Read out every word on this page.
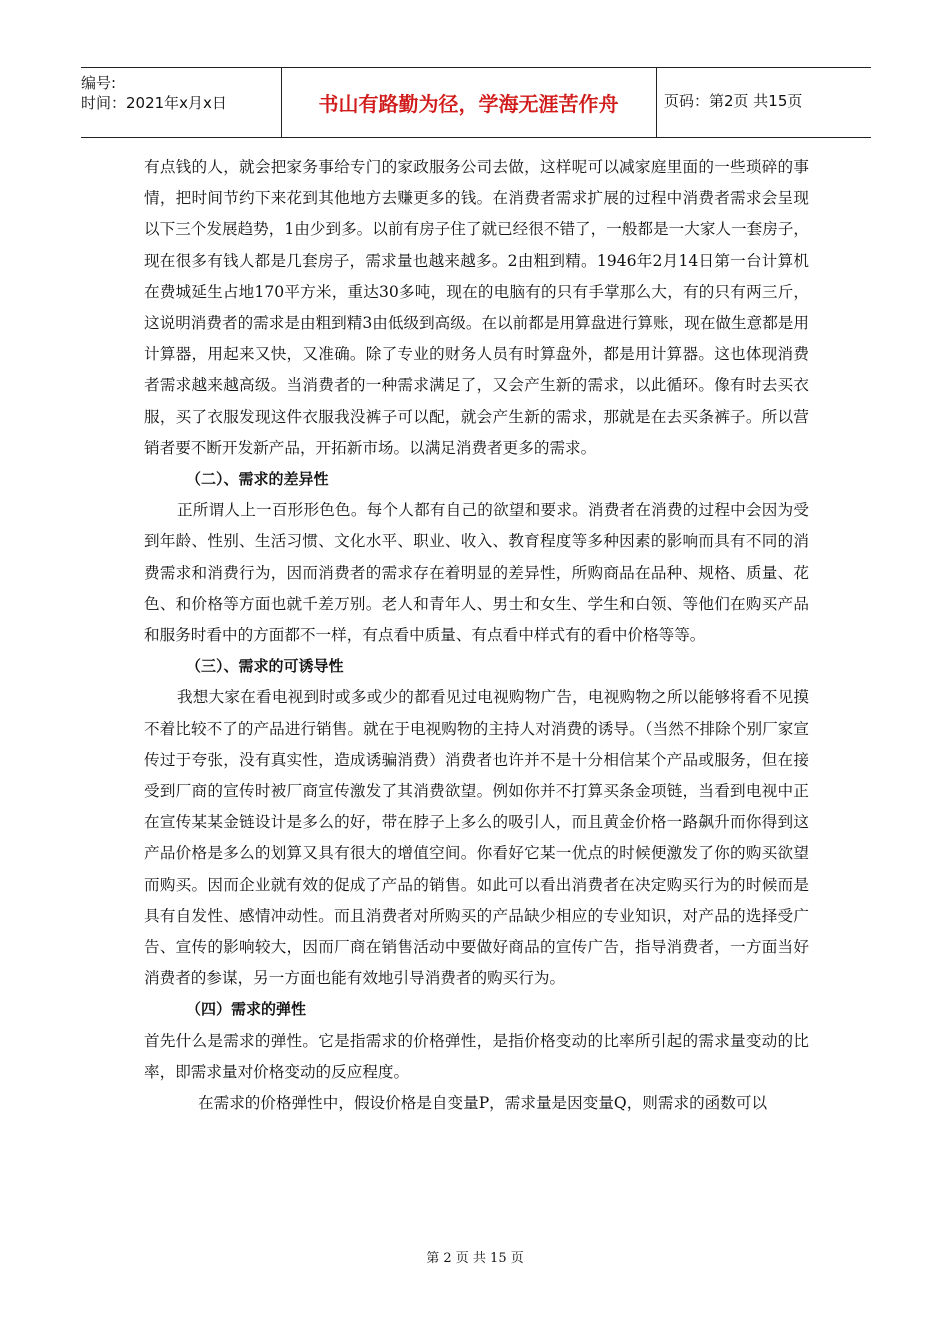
编号:
时间：2021年x月x日	书山有路勤为径，学海无涯苦作舟	页码：第2页 共15页

有点钱的人，就会把家务事给专门的家政服务公司去做，这样呢可以减家庭里面的一些琐碎的事情，把时间节约下来花到其他地方去赚更多的钱。在消费者需求扩展的过程中消费者需求会呈现以下三个发展趋势，1由少到多。以前有房子住了就已经很不错了，一般都是一大家人一套房子，现在很多有钱人都是几套房子，需求量也越来越多。2由粗到精。1946年2月14日第一台计算机在费城延生占地170平方米，重达30多吨，现在的电脑有的只有手掌那么大，有的只有两三斤，这说明消费者的需求是由粗到精3由低级到高级。在以前都是用算盘进行算账，现在做生意都是用计算器，用起来又快，又准确。除了专业的财务人员有时算盘外，都是用计算器。这也体现消费者需求越来越高级。当消费者的一种需求满足了，又会产生新的需求，以此循环。像有时去买衣服，买了衣服发现这件衣服我没裤子可以配，就会产生新的需求，那就是在去买条裤子。所以营销者要不断开发新产品，开拓新市场。以满足消费者更多的需求。

（二）、需求的差异性

正所谓人上一百形形色色。每个人都有自己的欲望和要求。消费者在消费的过程中会因为受到年龄、性别、生活习惯、文化水平、职业、收入、教育程度等多种因素的影响而具有不同的消费需求和消费行为，因而消费者的需求存在着明显的差异性，所购商品在品种、规格、质量、花色、和价格等方面也就千差万别。老人和青年人、男士和女生、学生和白领、等他们在购买产品和服务时看中的方面都不一样，有点看中质量、有点看中样式有的看中价格等等。

（三）、需求的可诱导性

我想大家在看电视到时或多或少的都看见过电视购物广告，电视购物之所以能够将看不见摸不着比较不了的产品进行销售。就在于电视购物的主持人对消费的诱导。（当然不排除个别厂家宣传过于夸张，没有真实性，造成诱骗消费）消费者也许并不是十分相信某个产品或服务，但在接受到厂商的宣传时被厂商宣传激发了其消费欲望。例如你并不打算买条金项链，当看到电视中正在宣传某某金链设计是多么的好，带在脖子上多么的吸引人，而且黄金价格一路飙升而你得到这产品价格是多么的划算又具有很大的增值空间。你看好它某一优点的时候便激发了你的购买欲望而购买。因而企业就有效的促成了产品的销售。如此可以看出消费者在决定购买行为的时候而是具有自发性、感情冲动性。而且消费者对所购买的产品缺少相应的专业知识，对产品的选择受广告、宣传的影响较大，因而厂商在销售活动中要做好商品的宣传广告，指导消费者，一方面当好消费者的参谋，另一方面也能有效地引导消费者的购买行为。

（四）需求的弹性

首先什么是需求的弹性。它是指需求的价格弹性，是指价格变动的比率所引起的需求量变动的比率，即需求量对价格变动的反应程度。

在需求的价格弹性中，假设价格是自变量P，需求量是因变量Q，则需求的函数可以

第 2 页 共 15 页
